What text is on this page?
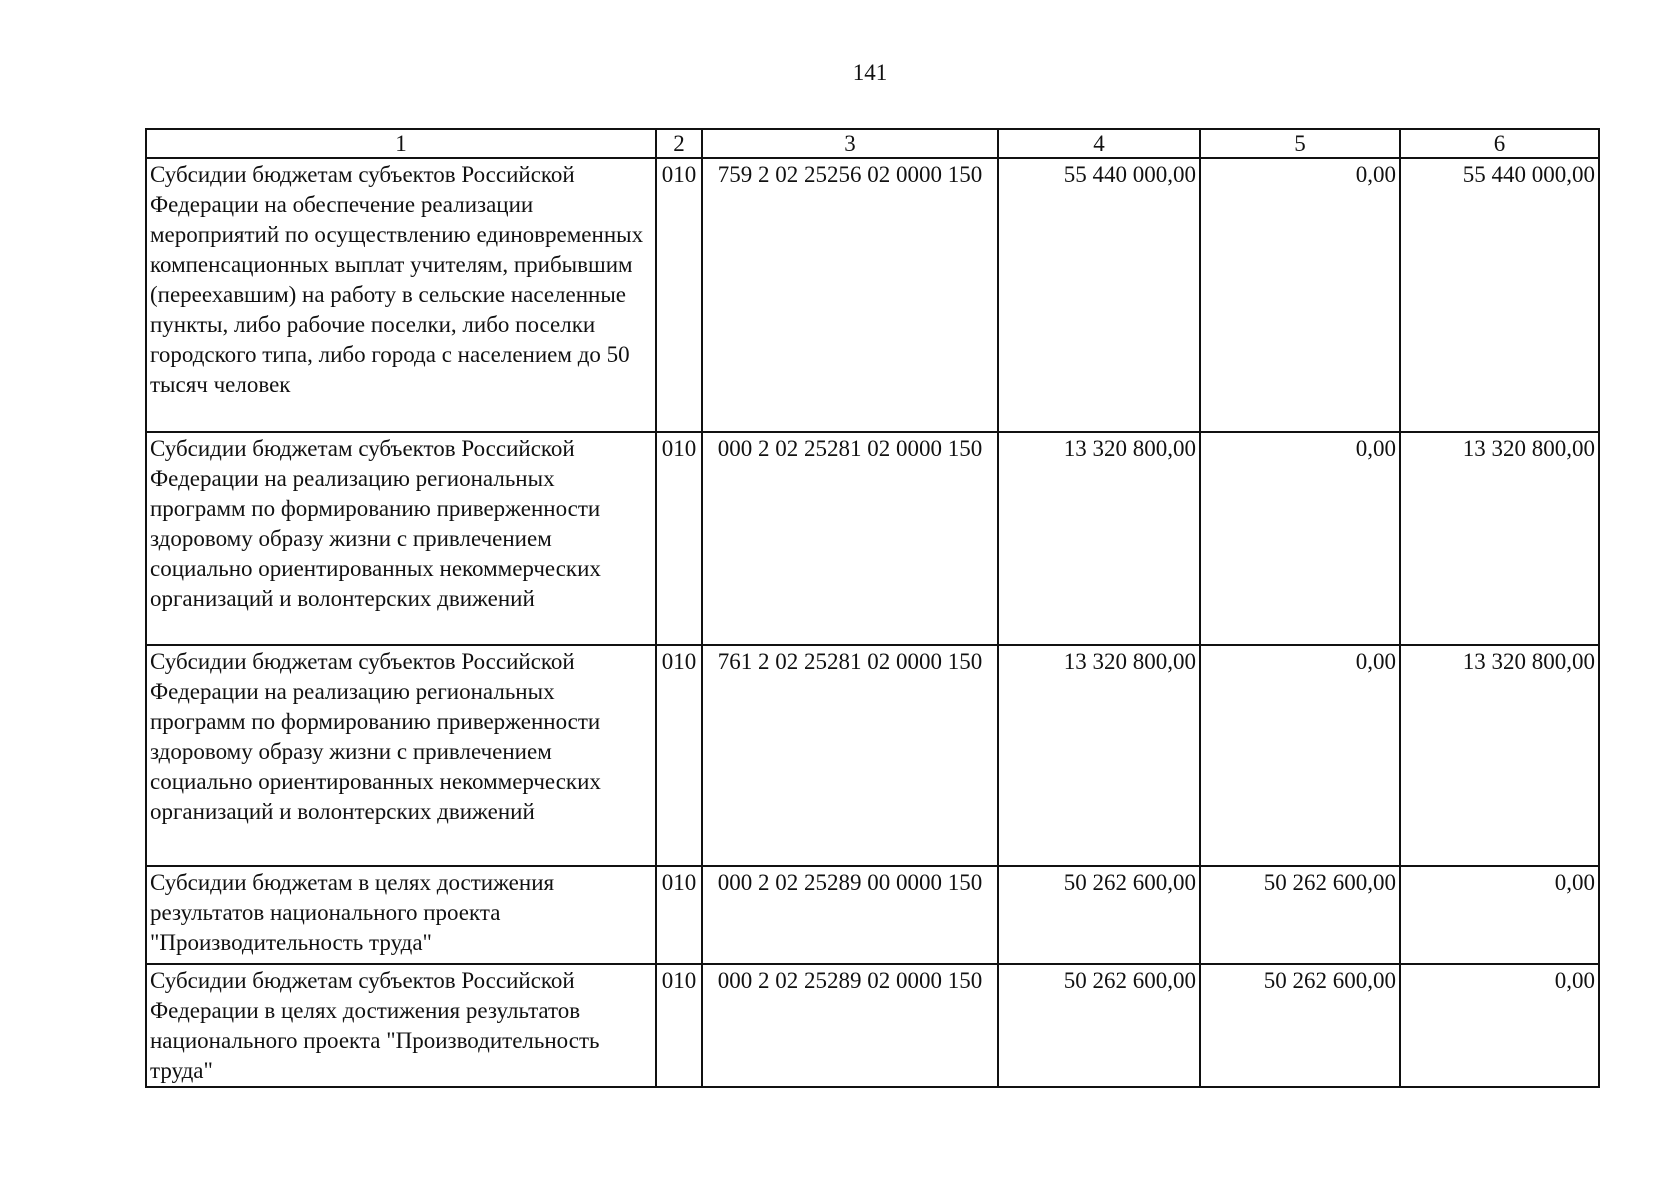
141
1	2	3	4	5	6
Субсидии бюджетам субъектов Российской Федерации на обеспечение реализации мероприятий по осуществлению единовременных компенсационных выплат учителям, прибывшим (переехавшим) на работу в сельские населенные пункты, либо рабочие поселки, либо поселки городского типа, либо города с населением до 50 тысяч человек	010	759 2 02 25256 02 0000 150	55 440 000,00	0,00	55 440 000,00
Субсидии бюджетам субъектов Российской Федерации на реализацию региональных программ по формированию приверженности здоровому образу жизни с привлечением социально ориентированных некоммерческих организаций и волонтерских движений	010	000 2 02 25281 02 0000 150	13 320 800,00	0,00	13 320 800,00
Субсидии бюджетам субъектов Российской Федерации на реализацию региональных программ по формированию приверженности здоровому образу жизни с привлечением социально ориентированных некоммерческих организаций и волонтерских движений	010	761 2 02 25281 02 0000 150	13 320 800,00	0,00	13 320 800,00
Субсидии бюджетам в целях достижения результатов национального проекта "Производительность труда"	010	000 2 02 25289 00 0000 150	50 262 600,00	50 262 600,00	0,00
Субсидии бюджетам субъектов Российской Федерации в целях достижения результатов национального проекта "Производительность труда"	010	000 2 02 25289 02 0000 150	50 262 600,00	50 262 600,00	0,00
